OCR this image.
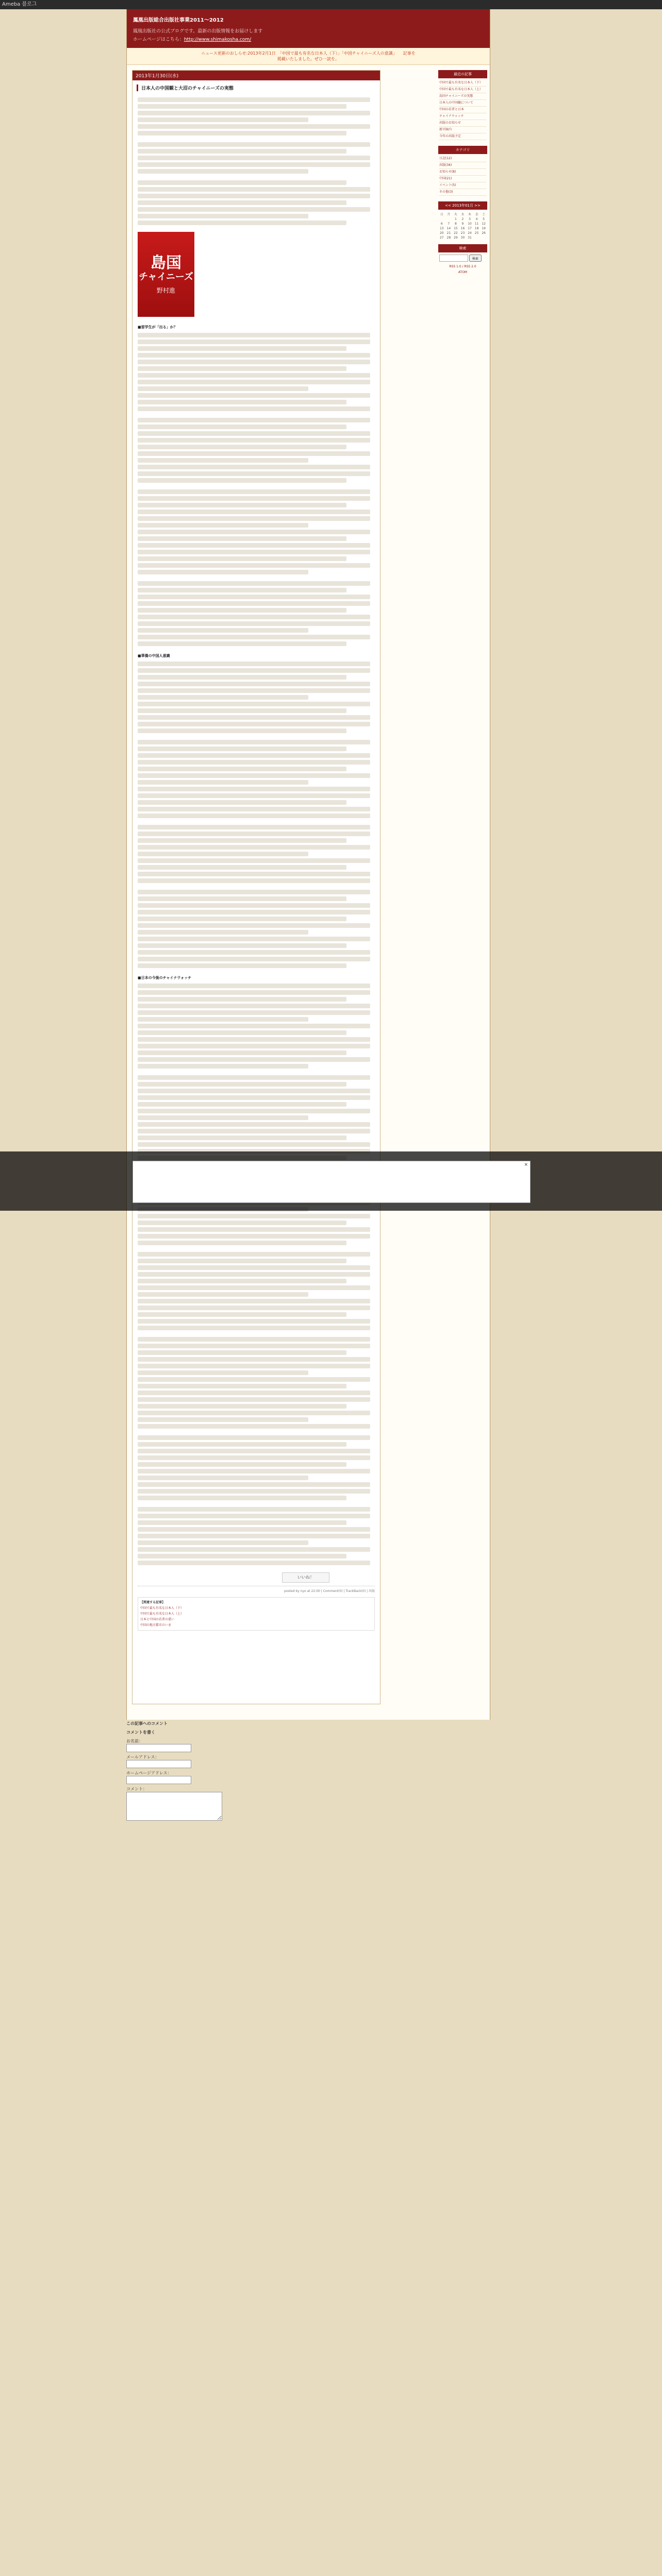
Ameba 블로그
鳳凰出版総合出版社事業2011～2012
鳳凰出版社の公式ブログです。最新の出版情報をお届けします
ホームページはこちら：http://www.shimakosha.com/
ニュース更新のおしらせ:2013年2月1日　「中国で最も有名な日本人（下）」「中国チャイニーズ人の意識」　　記事を
掲載いたしました。ぜひ一読を。
2013年1月30日(水)
日本人の中国観と大沼のチャイニーズの実態
島国
チャイニーズ
野村進

■留学生が「出る」か？

■華僑の中国人意識

■日本の今後のチャイナウォッチ

いいね！
posted by nyo at 22:00 | Comment(0) | TrackBack(0) | 出版
【関連する記事】
中国で最も有名な日本人（下）
中国で最も有名な日本人（上）
日本と中国の若者の違い
中国の地方都市のいま
最近の記事
中国で最も有名な日本人（下）
中国で最も有名な日本人（上）
島国チャイニーズの実態
日本人の中国観について
中国の若者と日本
チャイナウォッチ
出版のお知らせ
新刊案内
今年の出版予定
カテゴリ
日記(12)
出版(34)
お知らせ(8)
中国(21)
イベント(5)
その他(3)
<< 2013年01月 >>
日	月	火	水	木	金	土
		1	2	3	4	5
6	7	8	9	10	11	12
13	14	15	16	17	18	19
20	21	22	23	24	25	26
27	28	29	30	31		
検索
検索
RSS 1.0 / RSS 2.0
ATOM
×
この記事へのコメント
コメントを書く
お名前：
メールアドレス：
ホームページアドレス：
コメント：
